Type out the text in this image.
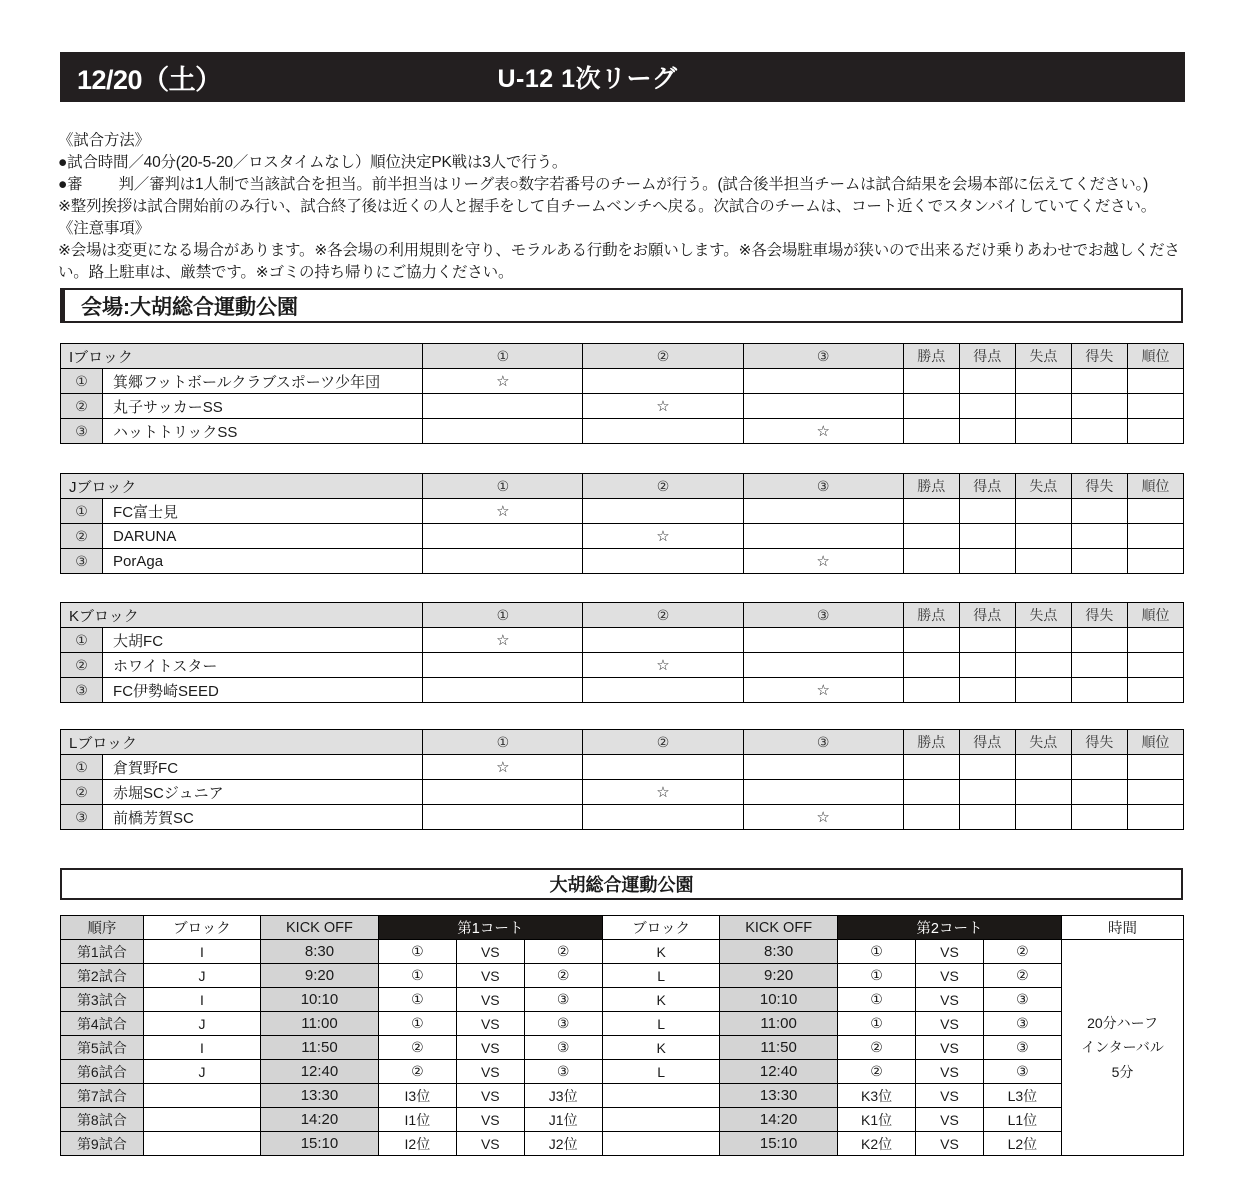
12/20（土）	U-12 1次リーグ
《試合方法》
●試合時間／40分(20-5-20／ロスタイムなし）順位決定PK戦は3人で行う。
●審 判／審判は1人制で当該試合を担当。前半担当はリーグ表○数字若番号のチームが行う。(試合後半担当チームは試合結果を会場本部に伝えてください。)
※整列挨拶は試合開始前のみ行い、試合終了後は近くの人と握手をして自チームベンチへ戻る。次試合のチームは、コート近くでスタンバイしていてください。
《注意事項》
※会場は変更になる場合があります。※各会場の利用規則を守り、モラルある行動をお願いします。※各会場駐車場が狭いので出来るだけ乗りあわせでお越しください。路上駐車は、厳禁です。※ゴミの持ち帰りにご協力ください。
会場:大胡総合運動公園
Iブロック		①	②	③	勝点	得点	失点	得失	順位
①	箕郷フットボールクラブスポーツ少年団	☆							
②	丸子サッカーSS		☆						
③	ハットトリックSS			☆					
Jブロック		①	②	③	勝点	得点	失点	得失	順位
①	FC富士見	☆							
②	DARUNA		☆						
③	PorAga			☆					
Kブロック		①	②	③	勝点	得点	失点	得失	順位
①	大胡FC	☆							
②	ホワイトスター		☆						
③	FC伊勢崎SEED			☆					
Lブロック		①	②	③	勝点	得点	失点	得失	順位
①	倉賀野FC	☆							
②	赤堀SCジュニア		☆						
③	前橋芳賀SC			☆					
大胡総合運動公園
順序	ブロック	KICK OFF	第1コート			ブロック	KICK OFF	第2コート			時間
第1試合	I	8:30	①	VS	②	K	8:30	①	VS	②	20分ハーフ
インターバル
5分

第2試合	J	9:20	①	VS	②	L	9:20	①	VS	②	
第3試合	I	10:10	①	VS	③	K	10:10	①	VS	③	
第4試合	J	11:00	①	VS	③	L	11:00	①	VS	③	
第5試合	I	11:50	②	VS	③	K	11:50	②	VS	③	
第6試合	J	12:40	②	VS	③	L	12:40	②	VS	③	
第7試合		13:30	I3位	VS	J3位		13:30	K3位	VS	L3位	
第8試合		14:20	I1位	VS	J1位		14:20	K1位	VS	L1位	
第9試合		15:10	I2位	VS	J2位		15:10	K2位	VS	L2位	
